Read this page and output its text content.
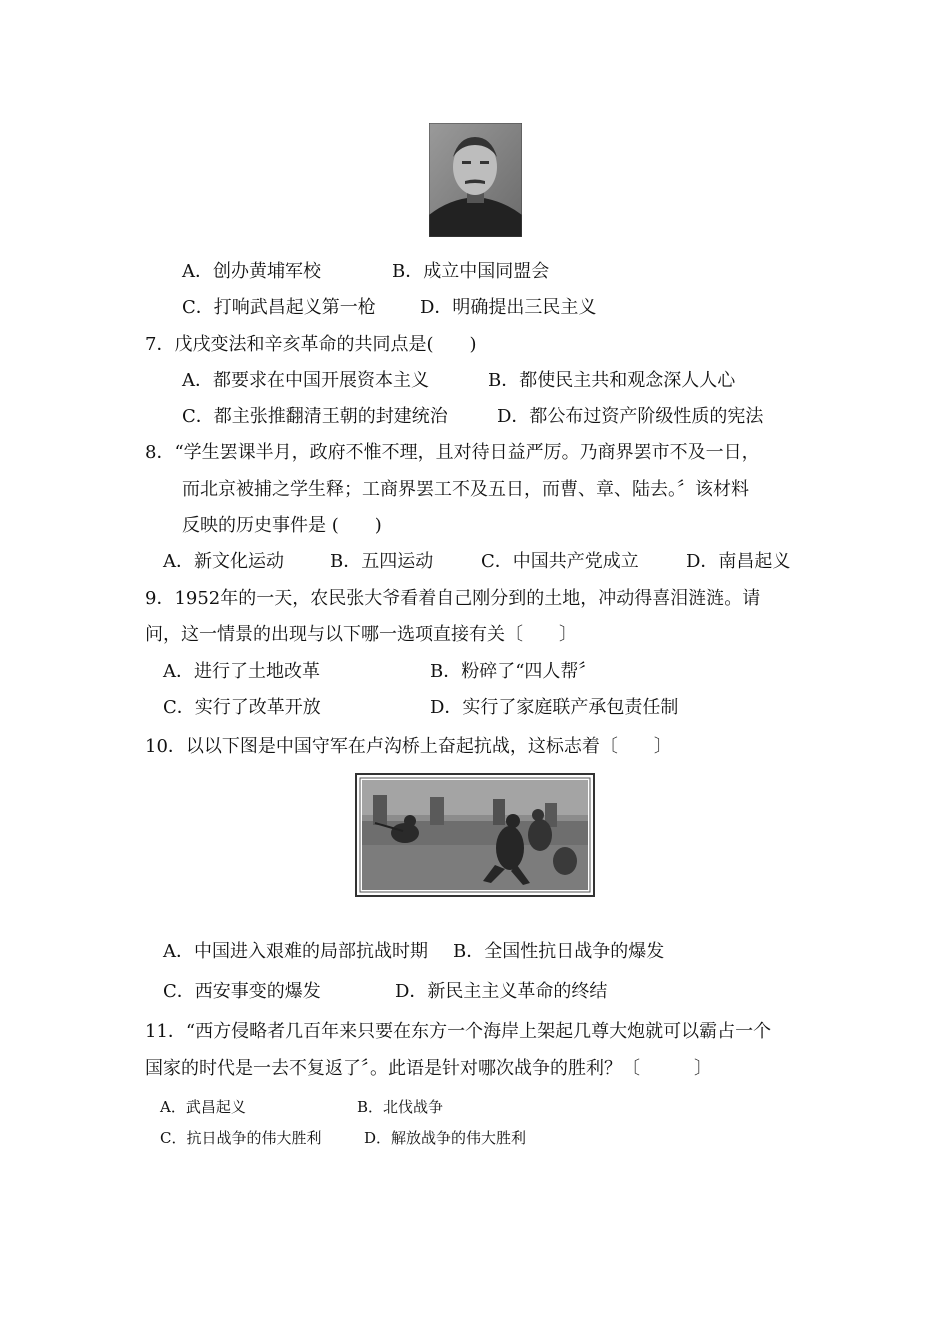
A．创办黄埔军校	B．成立中国同盟会
C．打响武昌起义第一枪 D．明确提出三民主义
7．戊戌变法和辛亥革命的共同点是(　　)
A．都要求在中国开展资本主义	B．都使民主共和观念深人人心
C．都主张推翻清王朝的封建统治	D．都公布过资产阶级性质的宪法
8．“学生罢课半月，政府不惟不理，且对待日益严厉。乃商界罢市不及一日，
而北京被捕之学生释；工商界罢工不及五日，而曹、章、陆去。〞该材料
反映的历史事件是 (　　)
A．新文化运动	B．五四运动	C．中国共产党成立	D．南昌起义
9．1952年的一天，农民张大爷看着自己刚分到的土地，冲动得喜泪涟涟。请
问，这一情景的出现与以下哪一选项直接有关〔　　〕
A．进行了土地改革	B．粉碎了“四人帮〞
C．实行了改革开放	D．实行了家庭联产承包责任制
10．以以下图是中国守军在卢沟桥上奋起抗战，这标志着〔　　〕
A．中国进入艰难的局部抗战时期 B．全国性抗日战争的爆发
C．西安事变的爆发	D．新民主主义革命的终结
11．“西方侵略者几百年来只要在东方一个海岸上架起几尊大炮就可以霸占一个
国家的时代是一去不复返了〞。此语是针对哪次战争的胜利？〔　　　〕
A．武昌起义	B．北伐战争
C．抗日战争的伟大胜利	D．解放战争的伟大胜利
